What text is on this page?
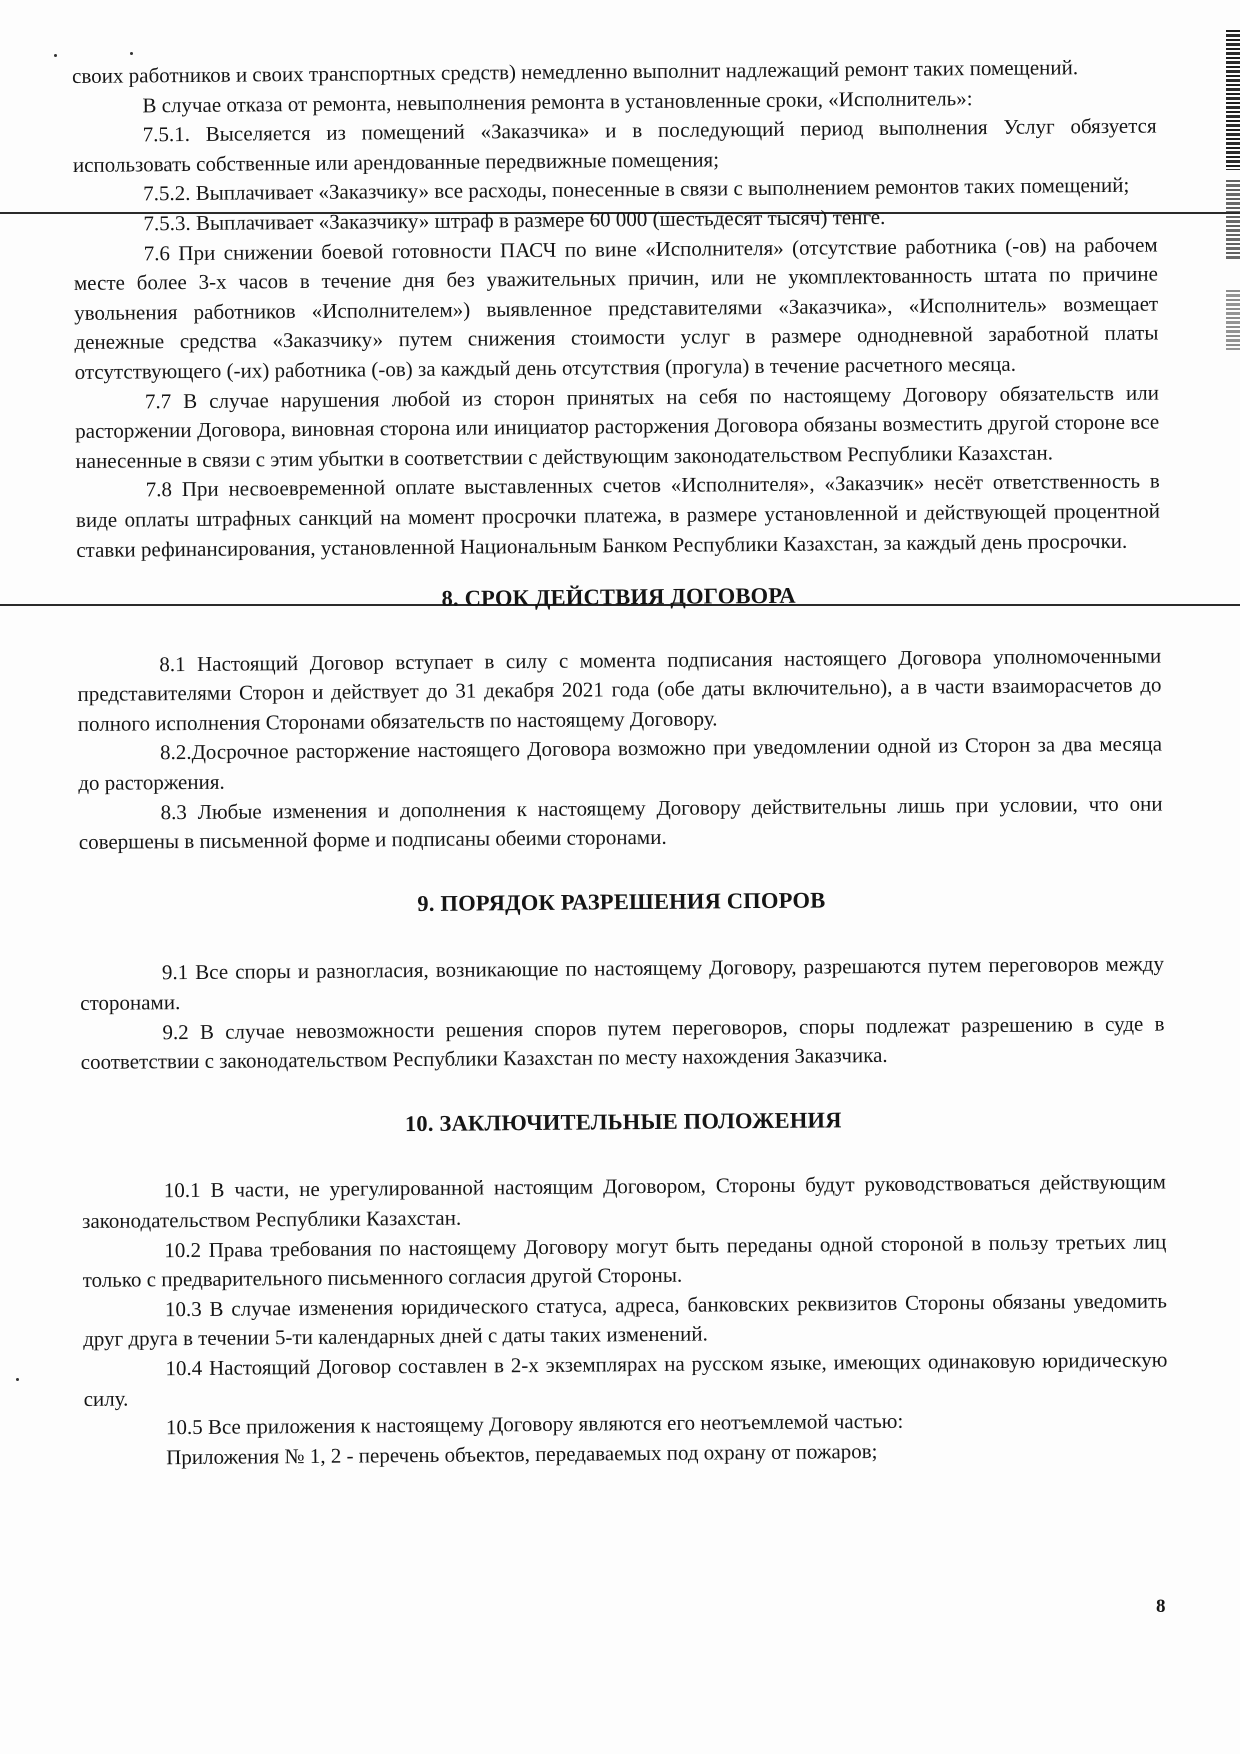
своих работников и своих транспортных средств) немедленно выполнит надлежащий ремонт таких помещений.

В случае отказа от ремонта, невыполнения ремонта в установленные сроки, «Исполнитель»:

7.5.1. Выселяется из помещений «Заказчика» и в последующий период выполнения Услуг обязуется использовать собственные или арендованные передвижные помещения;

7.5.2. Выплачивает «Заказчику» все расходы, понесенные в связи с выполнением ремонтов таких помещений;

7.5.3. Выплачивает «Заказчику» штраф в размере 60 000 (шестьдесят тысяч) тенге.

7.6 При снижении боевой готовности ПАСЧ по вине «Исполнителя» (отсутствие работника (-ов) на рабочем месте более 3-х часов в течение дня без уважительных причин, или не укомплектованность штата по причине увольнения работников «Исполнителем») выявленное представителями «Заказчика», «Исполнитель» возмещает денежные средства «Заказчику» путем снижения стоимости услуг в размере однодневной заработной платы отсутствующего (-их) работника (-ов) за каждый день отсутствия (прогула) в течение расчетного месяца.

7.7 В случае нарушения любой из сторон принятых на себя по настоящему Договору обязательств или расторжении Договора, виновная сторона или инициатор расторжения Договора обязаны возместить другой стороне все нанесенные в связи с этим убытки в соответствии с действующим законодательством Республики Казахстан.

7.8 При несвоевременной оплате выставленных счетов «Исполнителя», «Заказчик» несёт ответственность в виде оплаты штрафных санкций на момент просрочки платежа, в размере установленной и действующей процентной ставки рефинансирования, установленной Национальным Банком Республики Казахстан, за каждый день просрочки.

8. СРОК ДЕЙСТВИЯ ДОГОВОРА

8.1 Настоящий Договор вступает в силу с момента подписания настоящего Договора уполномоченными представителями Сторон и действует до 31 декабря 2021 года (обе даты включительно), а в части взаиморасчетов до полного исполнения Сторонами обязательств по настоящему Договору.

8.2.Досрочное расторжение настоящего Договора возможно при уведомлении одной из Сторон за два месяца до расторжения.

8.3 Любые изменения и дополнения к настоящему Договору действительны лишь при условии, что они совершены в письменной форме и подписаны обеими сторонами.

9. ПОРЯДОК РАЗРЕШЕНИЯ СПОРОВ

9.1 Все споры и разногласия, возникающие по настоящему Договору, разрешаются путем переговоров между сторонами.

9.2 В случае невозможности решения споров путем переговоров, споры подлежат разрешению в суде в соответствии с законодательством Республики Казахстан по месту нахождения Заказчика.

10. ЗАКЛЮЧИТЕЛЬНЫЕ ПОЛОЖЕНИЯ

10.1 В части, не урегулированной настоящим Договором, Стороны будут руководствоваться действующим законодательством Республики Казахстан.

10.2 Права требования по настоящему Договору могут быть переданы одной стороной в пользу третьих лиц только с предварительного письменного согласия другой Стороны.

10.3 В случае изменения юридического статуса, адреса, банковских реквизитов Стороны обязаны уведомить друг друга в течении 5-ти календарных дней с даты таких изменений.

10.4 Настоящий Договор составлен в 2-х экземплярах на русском языке, имеющих одинаковую юридическую силу.

10.5 Все приложения к настоящему Договору являются его неотъемлемой частью:

Приложения № 1, 2 - перечень объектов, передаваемых под охрану от пожаров;

8
